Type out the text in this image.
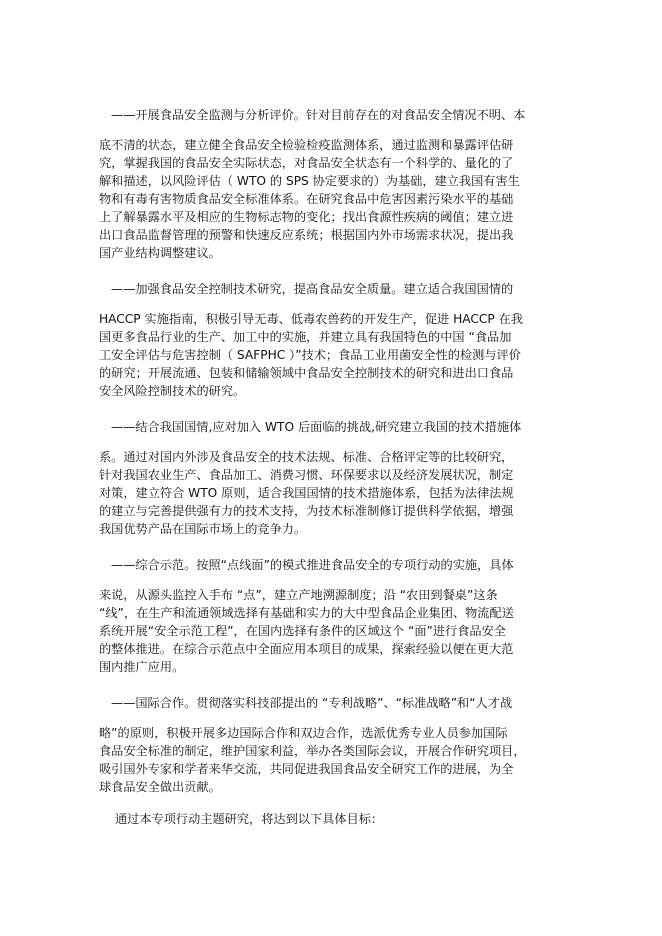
——开展食品安全监测与分析评价。针对目前存在的对食品安全情况不明、本
底不清的状态，建立健全食品安全检验检疫监测体系，通过监测和暴露评估研
究，掌握我国的食品安全实际状态，对食品安全状态有一个科学的、量化的了
解和描述，以风险评估（ WTO 的 SPS 协定要求的）为基础，建立我国有害生
物和有毒有害物质食品安全标准体系。在研究食品中危害因素污染水平的基础
上了解暴露水平及相应的生物标志物的变化；找出食源性疾病的阈值；建立进
出口食品监督管理的预警和快速反应系统；根据国内外市场需求状况，提出我
国产业结构调整建议。
——加强食品安全控制技术研究，提高食品安全质量。建立适合我国国情的
HACCP 实施指南，积极引导无毒、低毒农兽药的开发生产，促进 HACCP 在我
国更多食品行业的生产、加工中的实施，并建立具有我国特色的中国 “食品加
工安全评估与危害控制（ SAFPHC ）”技术；食品工业用菌安全性的检测与评价
的研究；开展流通、包装和储输领域中食品安全控制技术的研究和进出口食品
安全风险控制技术的研究。
——结合我国国情,应对加入 WTO 后面临的挑战,研究建立我国的技术措施体
系。通过对国内外涉及食品安全的技术法规、标准、合格评定等的比较研究，
针对我国农业生产、食品加工、消费习惯、环保要求以及经济发展状况，制定
对策，建立符合 WTO 原则，适合我国国情的技术措施体系，包括为法律法规
的建立与完善提供强有力的技术支持，为技术标准制修订提供科学依据，增强
我国优势产品在国际市场上的竞争力。
——综合示范。按照“点线面”的模式推进食品安全的专项行动的实施，具体
来说，从源头监控入手布 “点”，建立产地溯源制度；沿 “农田到餐桌”这条
“线”，在生产和流通领域选择有基础和实力的大中型食品企业集团、物流配送
系统开展“安全示范工程”，在国内选择有条件的区域这个 “面”进行食品安全
的整体推进。在综合示范点中全面应用本项目的成果，探索经验以便在更大范
围内推广应用。
——国际合作。贯彻落实科技部提出的 “专利战略”、“标准战略”和“人才战
略”的原则，积极开展多边国际合作和双边合作，选派优秀专业人员参加国际
食品安全标准的制定，维护国家利益，举办各类国际会议，开展合作研究项目，
吸引国外专家和学者来华交流，共同促进我国食品安全研究工作的进展，为全
球食品安全做出贡献。
通过本专项行动主题研究，将达到以下具体目标：
